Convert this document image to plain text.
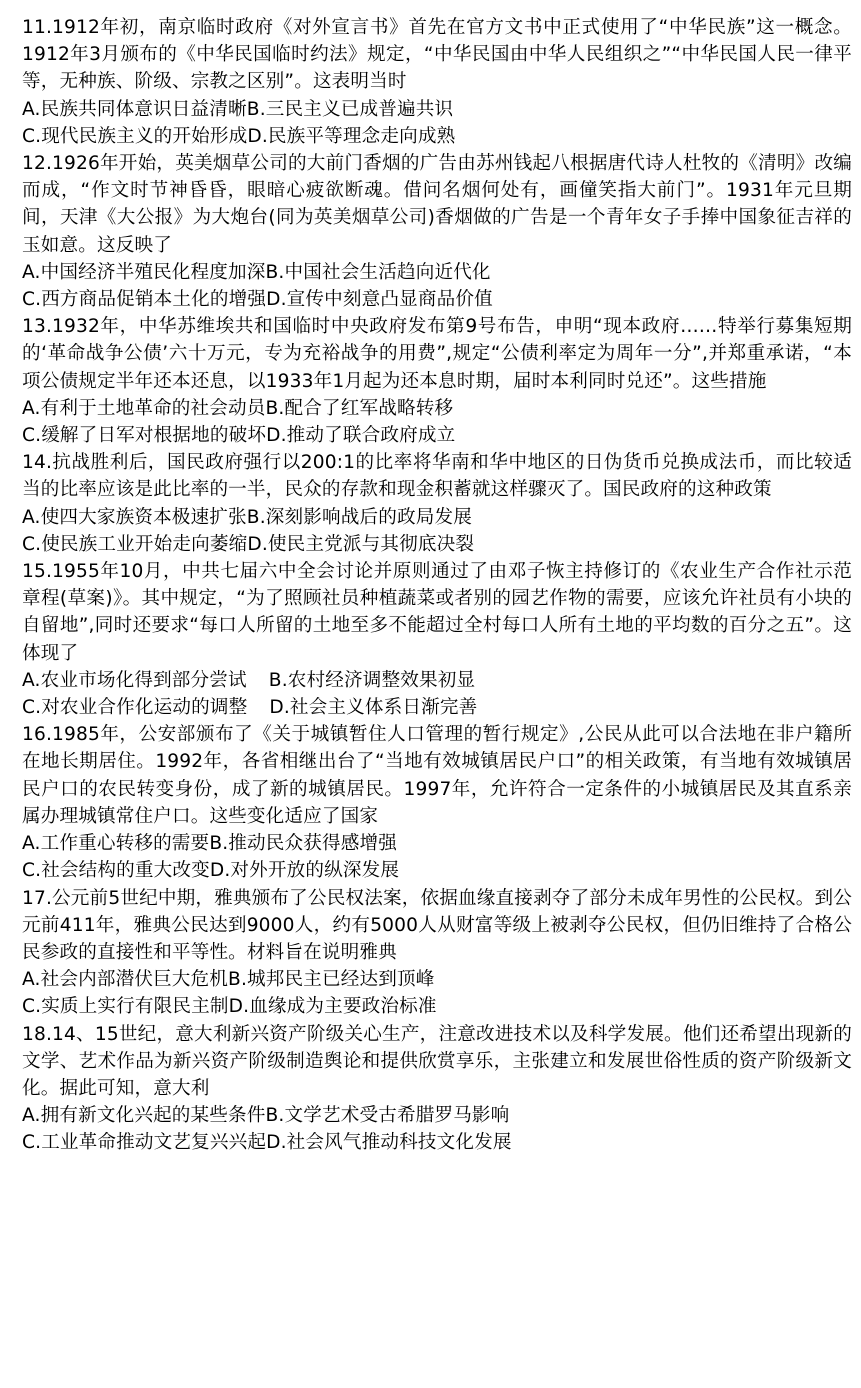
11.1912年初，南京临时政府《对外宣言书》首先在官方文书中正式使用了“中华民族”这一概念。1912年3月颁布的《中华民国临时约法》规定，“中华民国由中华人民组织之”“中华民国人民一律平等，无种族、阶级、宗教之区别”。这表明当时

A.民族共同体意识日益清晰B.三民主义已成普遍共识
C.现代民族主义的开始形成D.民族平等理念走向成熟

12.1926年开始，英美烟草公司的大前门香烟的广告由苏州钱起八根据唐代诗人杜牧的《清明》改编而成，“作文时节神昏昏，眼暗心疲欲断魂。借问名烟何处有，画僮笑指大前门”。1931年元旦期间，天津《大公报》为大炮台(同为英美烟草公司)香烟做的广告是一个青年女子手捧中国象征吉祥的玉如意。这反映了

A.中国经济半殖民化程度加深B.中国社会生活趋向近代化
C.西方商品促销本土化的增强D.宣传中刻意凸显商品价值

13.1932年，中华苏维埃共和国临时中央政府发布第9号布告，申明“现本政府……特举行募集短期的‘革命战争公债’六十万元，专为充裕战争的用费”,规定“公债利率定为周年一分”,并郑重承诺，“本项公债规定半年还本还息，以1933年1月起为还本息时期，届时本利同时兑还”。这些措施

A.有利于土地革命的社会动员B.配合了红军战略转移
C.缓解了日军对根据地的破坏D.推动了联合政府成立

14.抗战胜利后，国民政府强行以200:1的比率将华南和华中地区的日伪货币兑换成法币，而比较适当的比率应该是此比率的一半，民众的存款和现金积蓄就这样骤灭了。国民政府的这种政策

A.使四大家族资本极速扩张B.深刻影响战后的政局发展
C.使民族工业开始走向萎缩D.使民主党派与其彻底决裂

15.1955年10月，中共七届六中全会讨论并原则通过了由邓子恢主持修订的《农业生产合作社示范章程(草案)》。其中规定，“为了照顾社员种植蔬菜或者别的园艺作物的需要，应该允许社员有小块的自留地”,同时还要求“每口人所留的土地至多不能超过全村每口人所有土地的平均数的百分之五”。这体现了

A.农业市场化得到部分尝试 B.农村经济调整效果初显
C.对农业合作化运动的调整 D.社会主义体系日渐完善

16.1985年，公安部颁布了《关于城镇暂住人口管理的暂行规定》,公民从此可以合法地在非户籍所在地长期居住。1992年，各省相继出台了“当地有效城镇居民户口”的相关政策，有当地有效城镇居民户口的农民转变身份，成了新的城镇居民。1997年，允许符合一定条件的小城镇居民及其直系亲属办理城镇常住户口。这些变化适应了国家

A.工作重心转移的需要B.推动民众获得感增强
C.社会结构的重大改变D.对外开放的纵深发展

17.公元前5世纪中期，雅典颁布了公民权法案，依据血缘直接剥夺了部分未成年男性的公民权。到公元前411年，雅典公民达到9000人，约有5000人从财富等级上被剥夺公民权，但仍旧维持了合格公民参政的直接性和平等性。材料旨在说明雅典

A.社会内部潜伏巨大危机B.城邦民主已经达到顶峰
C.实质上实行有限民主制D.血缘成为主要政治标准

18.14、15世纪，意大利新兴资产阶级关心生产，注意改进技术以及科学发展。他们还希望出现新的文学、艺术作品为新兴资产阶级制造舆论和提供欣赏享乐，主张建立和发展世俗性质的资产阶级新文化。据此可知，意大利

A.拥有新文化兴起的某些条件B.文学艺术受古希腊罗马影响
C.工业革命推动文艺复兴兴起D.社会风气推动科技文化发展
